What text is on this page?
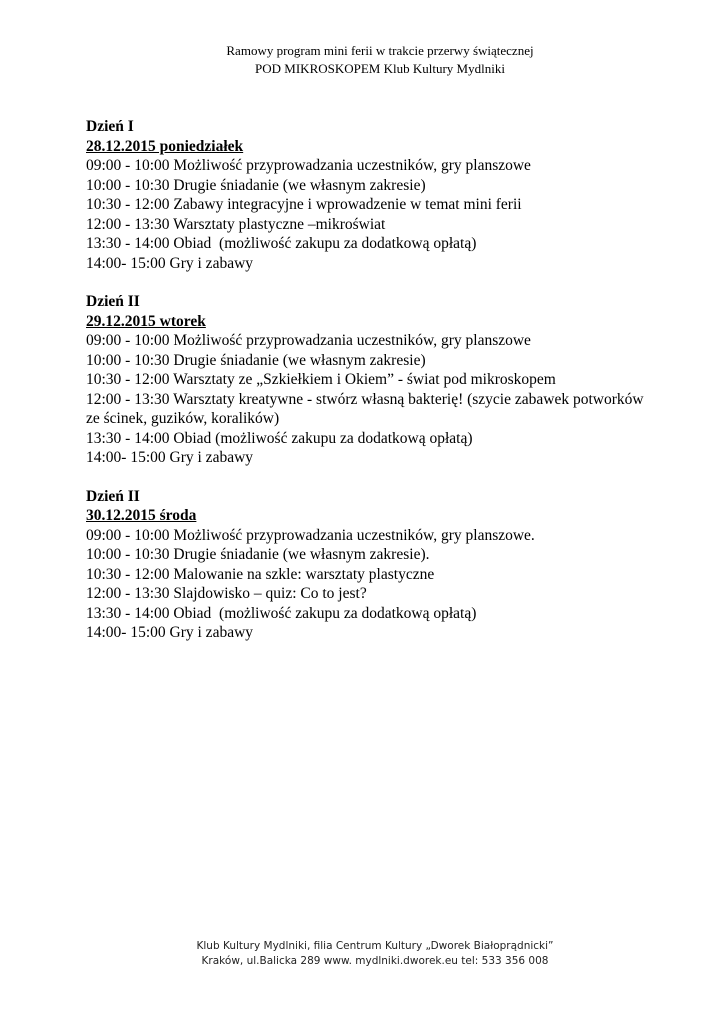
Ramowy program mini ferii w trakcie przerwy świątecznej
POD MIKROSKOPEM Klub Kultury Mydlniki
Dzień I
28.12.2015 poniedziałek
09:00 - 10:00 Możliwość przyprowadzania uczestników, gry planszowe
10:00 - 10:30 Drugie śniadanie (we własnym zakresie)
10:30 - 12:00 Zabawy integracyjne i wprowadzenie w temat mini ferii
12:00 - 13:30 Warsztaty plastyczne –mikroświat
13:30 - 14:00 Obiad  (możliwość zakupu za dodatkową opłatą)
14:00- 15:00 Gry i zabawy
Dzień II
29.12.2015 wtorek
09:00 - 10:00 Możliwość przyprowadzania uczestników, gry planszowe
10:00 - 10:30 Drugie śniadanie (we własnym zakresie)
10:30 - 12:00 Warsztaty ze „Szkiełkiem i Okiem” - świat pod mikroskopem
12:00 - 13:30 Warsztaty kreatywne - stwórz własną bakterię! (szycie zabawek potworków ze ścinek, guzików, koralików)
13:30 - 14:00 Obiad (możliwość zakupu za dodatkową opłatą)
14:00- 15:00 Gry i zabawy
Dzień II
30.12.2015 środa
09:00 - 10:00 Możliwość przyprowadzania uczestników, gry planszowe.
10:00 - 10:30 Drugie śniadanie (we własnym zakresie).
10:30 - 12:00 Malowanie na szkle: warsztaty plastyczne
12:00 - 13:30 Slajdowisko – quiz: Co to jest?
13:30 - 14:00 Obiad  (możliwość zakupu za dodatkową opłatą)
14:00- 15:00 Gry i zabawy
Klub Kultury Mydlniki, filia Centrum Kultury „Dworek Białoprądnicki”
Kraków, ul.Balicka 289 www. mydlniki.dworek.eu tel: 533 356 008
